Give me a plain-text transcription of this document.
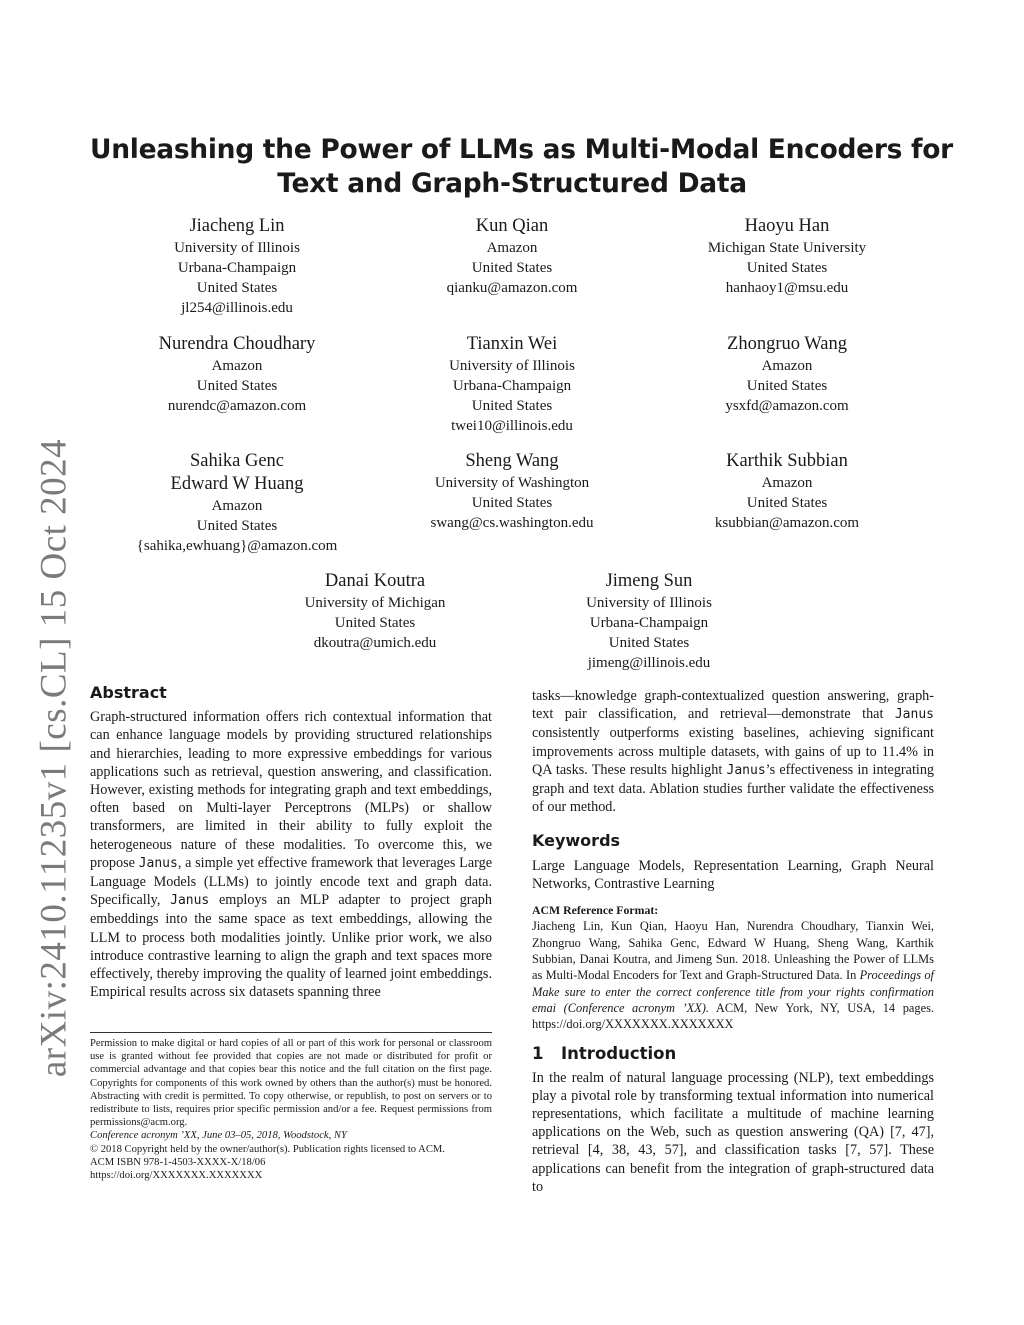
arXiv:2410.11235v1 [cs.CL] 15 Oct 2024
Unleashing the Power of LLMs as Multi-Modal Encoders for
Text and Graph-Structured Data
Jiacheng Lin
University of Illinois
Urbana-Champaign
United States
jl254@illinois.edu
Kun Qian
Amazon
United States
qianku@amazon.com
Haoyu Han
Michigan State University
United States
hanhaoy1@msu.edu
Nurendra Choudhary
Amazon
United States
nurendc@amazon.com
Tianxin Wei
University of Illinois
Urbana-Champaign
United States
twei10@illinois.edu
Zhongruo Wang
Amazon
United States
ysxfd@amazon.com
Sahika Genc
Edward W Huang
Amazon
United States
{sahika,ewhuang}@amazon.com
Sheng Wang
University of Washington
United States
swang@cs.washington.edu
Karthik Subbian
Amazon
United States
ksubbian@amazon.com
Danai Koutra
University of Michigan
United States
dkoutra@umich.edu
Jimeng Sun
University of Illinois
Urbana-Champaign
United States
jimeng@illinois.edu
Abstract

Graph-structured information offers rich contextual information that can enhance language models by providing structured relationships and hierarchies, leading to more expressive embeddings for various applications such as retrieval, question answering, and classification. However, existing methods for integrating graph and text embeddings, often based on Multi-layer Perceptrons (MLPs) or shallow transformers, are limited in their ability to fully exploit the heterogeneous nature of these modalities. To overcome this, we propose Janus, a simple yet effective framework that leverages Large Language Models (LLMs) to jointly encode text and graph data. Specifically, Janus employs an MLP adapter to project graph embeddings into the same space as text embeddings, allowing the LLM to process both modalities jointly. Unlike prior work, we also introduce contrastive learning to align the graph and text spaces more effectively, thereby improving the quality of learned joint embeddings. Empirical results across six datasets spanning three

Permission to make digital or hard copies of all or part of this work for personal or classroom use is granted without fee provided that copies are not made or distributed for profit or commercial advantage and that copies bear this notice and the full citation on the first page. Copyrights for components of this work owned by others than the author(s) must be honored. Abstracting with credit is permitted. To copy otherwise, or republish, to post on servers or to redistribute to lists, requires prior specific permission and/or a fee. Request permissions from permissions@acm.org.

Conference acronym ’XX, June 03–05, 2018, Woodstock, NY
© 2018 Copyright held by the owner/author(s). Publication rights licensed to ACM.
ACM ISBN 978-1-4503-XXXX-X/18/06
https://doi.org/XXXXXXX.XXXXXXX

tasks—knowledge graph-contextualized question answering, graph-text pair classification, and retrieval—demonstrate that Janus consistently outperforms existing baselines, achieving significant improvements across multiple datasets, with gains of up to 11.4% in QA tasks. These results highlight Janus’s effectiveness in integrating graph and text data. Ablation studies further validate the effectiveness of our method.

Keywords

Large Language Models, Representation Learning, Graph Neural Networks, Contrastive Learning

ACM Reference Format:

Jiacheng Lin, Kun Qian, Haoyu Han, Nurendra Choudhary, Tianxin Wei, Zhongruo Wang, Sahika Genc, Edward W Huang, Sheng Wang, Karthik Subbian, Danai Koutra, and Jimeng Sun. 2018. Unleashing the Power of LLMs as Multi-Modal Encoders for Text and Graph-Structured Data. In Proceedings of Make sure to enter the correct conference title from your rights confirmation emai (Conference acronym ’XX). ACM, New York, NY, USA, 14 pages. https://doi.org/XXXXXXX.XXXXXXX

1 Introduction

In the realm of natural language processing (NLP), text embeddings play a pivotal role by transforming textual information into numerical representations, which facilitate a multitude of machine learning applications on the Web, such as question answering (QA) [7, 47], retrieval [4, 38, 43, 57], and classification tasks [7, 57]. These applications can benefit from the integration of graph-structured data to
